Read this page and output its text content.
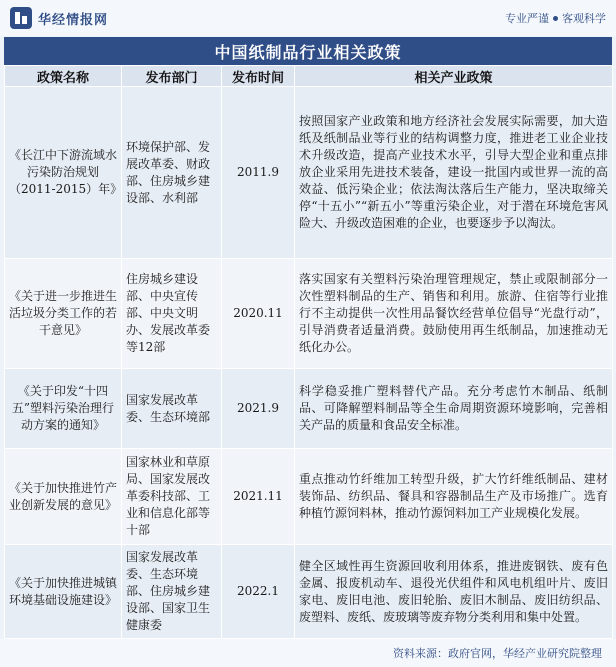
华经情报网	专业严谨 客观科学
中国纸制品行业相关政策
政策名称	发布部门	发布时间	相关产业政策
《长江中下游流域水污染防治规划（2011-2015）年》	环境保护部、发展改革委、财政部、住房城乡建设部、水利部	2011.9	按照国家产业政策和地方经济社会发展实际需要，加大造纸及纸制品业等行业的结构调整力度，推进老工业企业技术升级改造，提高产业技术水平，引导大型企业和重点排放企业采用先进技术装备，建设一批国内或世界一流的高效益、低污染企业；依法淘汰落后生产能力，坚决取缔关停“十五小”“新五小”等重污染企业，对于潜在环境危害风险大、升级改造困难的企业，也要逐步予以淘汰。
《关于进一步推进生活垃圾分类工作的若干意见》	住房城乡建设部、中央宣传部、中央文明办、发展改革委等12部	2020.11	落实国家有关塑料污染治理管理规定，禁止或限制部分一次性塑料制品的生产、销售和利用。旅游、住宿等行业推行不主动提供一次性用品餐饮经营单位倡导“光盘行动”，引导消费者适量消费。鼓励使用再生纸制品，加速推动无纸化办公。
《关于印发“十四五”塑料污染治理行动方案的通知》	国家发展改革委、生态环境部	2021.9	科学稳妥推广塑料替代产品。充分考虑竹木制品、纸制品、可降解塑料制品等全生命周期资源环境影响，完善相关产品的质量和食品安全标准。
《关于加快推进竹产业创新发展的意见》	国家林业和草原局、国家发展改革委科技部、工业和信息化部等十部	2021.11	重点推动竹纤维加工转型升级，扩大竹纤维纸制品、建材装饰品、纺织品、餐具和容器制品生产及市场推广。选育种植竹源饲料林，推动竹源饲料加工产业规模化发展。
《关于加快推进城镇环境基础设施建设》	国家发展改革委、生态环境部、住房城乡建设部、国家卫生健康委	2022.1	健全区域性再生资源回收利用体系，推进废钢铁、废有色金属、报废机动车、退役光伏组件和风电机组叶片、废旧家电、废旧电池、废旧轮胎、废旧木制品、废旧纺织品、废塑料、废纸、废玻璃等废弃物分类利用和集中处置。
资料来源：政府官网，华经产业研究院整理
